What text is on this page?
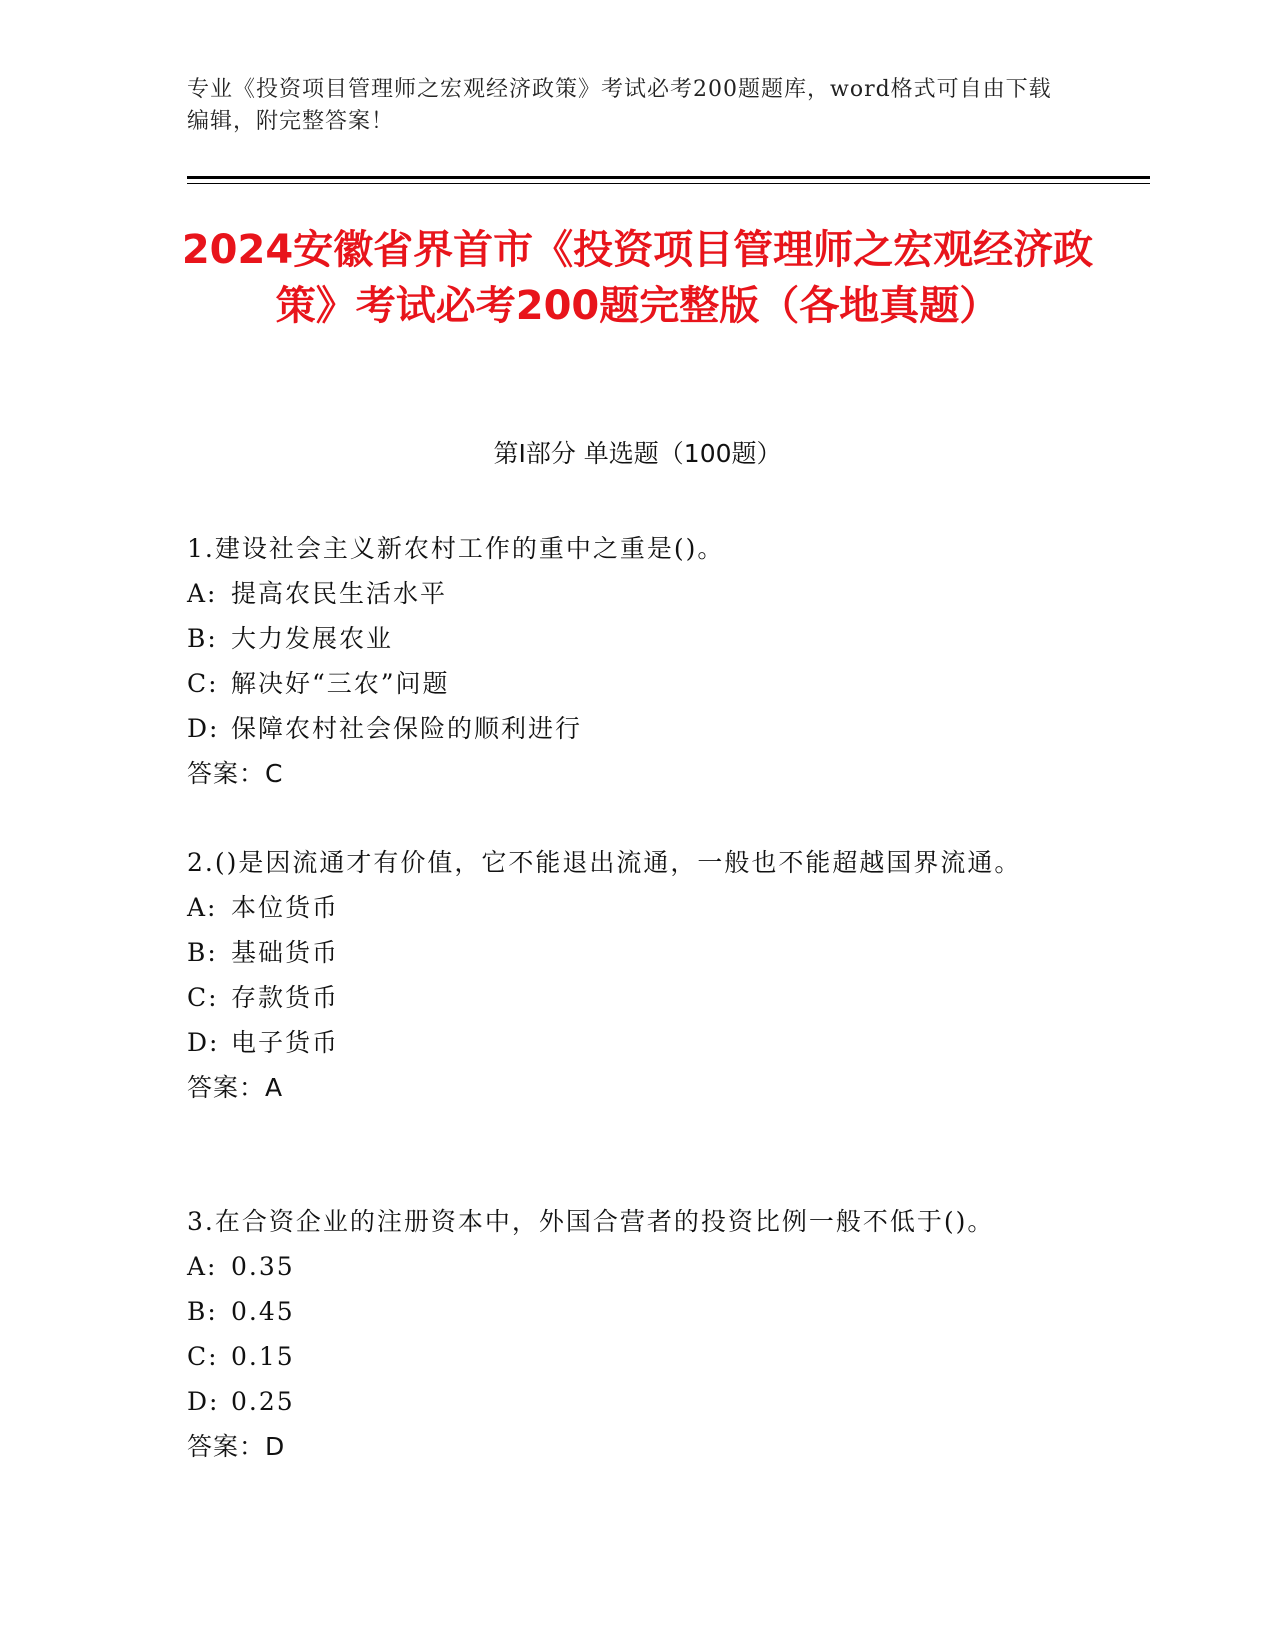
专业《投资项目管理师之宏观经济政策》考试必考200题题库，word格式可自由下载编辑，附完整答案！
2024安徽省界首市《投资项目管理师之宏观经济政策》考试必考200题完整版（各地真题）
第Ⅰ部分 单选题（100题）
1.建设社会主义新农村工作的重中之重是()。
A: 提高农民生活水平
B: 大力发展农业
C: 解决好“三农”问题
D: 保障农村社会保险的顺利进行
答案：C
2.()是因流通才有价值，它不能退出流通，一般也不能超越国界流通。
A: 本位货币
B: 基础货币
C: 存款货币
D: 电子货币
答案：A
3.在合资企业的注册资本中，外国合营者的投资比例一般不低于()。
A: 0.35
B: 0.45
C: 0.15
D: 0.25
答案：D
